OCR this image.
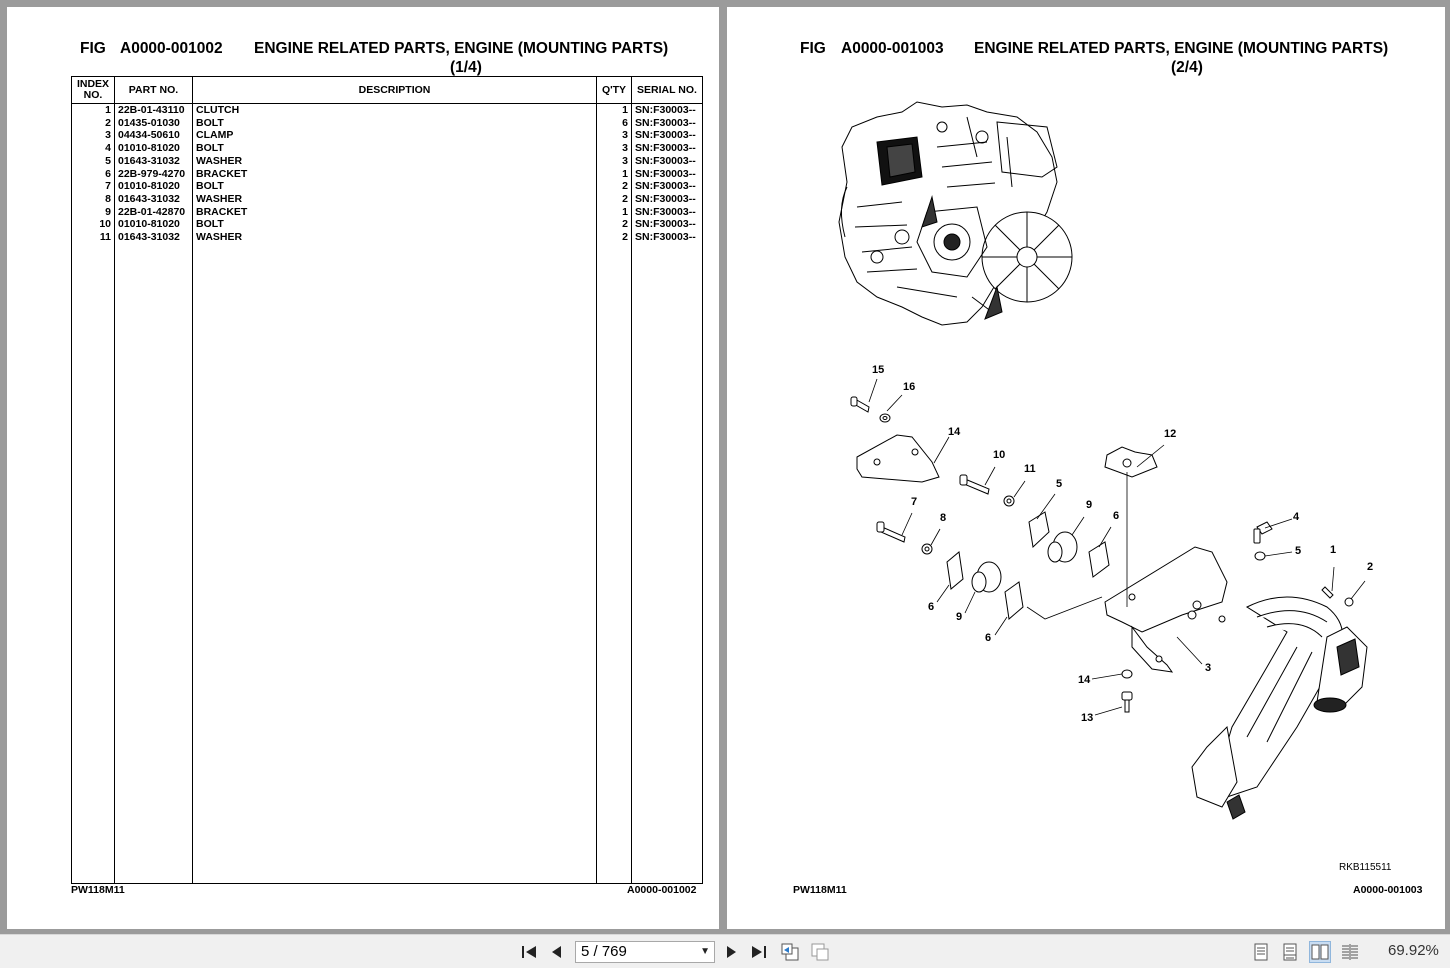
FIG A0000-001002 ENGINE RELATED PARTS, ENGINE (MOUNTING PARTS)
(1/4)
INDEX NO.	PART NO.	DESCRIPTION	Q'TY	SERIAL NO.
1	22B-01-43110	CLUTCH	1	SN:F30003--
2	01435-01030	BOLT	6	SN:F30003--
3	04434-50610	CLAMP	3	SN:F30003--
4	01010-81020	BOLT	3	SN:F30003--
5	01643-31032	WASHER	3	SN:F30003--
6	22B-979-4270	BRACKET	1	SN:F30003--
7	01010-81020	BOLT	2	SN:F30003--
8	01643-31032	WASHER	2	SN:F30003--
9	22B-01-42870	BRACKET	1	SN:F30003--
10	01010-81020	BOLT	2	SN:F30003--
11	01643-31032	WASHER	2	SN:F30003--

PW118M11	A0000-001002
FIG A0000-001003 ENGINE RELATED PARTS, ENGINE (MOUNTING PARTS)
(2/4)
15
16
14
10
11
5
9
6
12
7
8
6
9
6
4
5	1
2
3
14
13
RKB115511
PW118M11	A0000-001003
5 / 769	▼	69.92%
